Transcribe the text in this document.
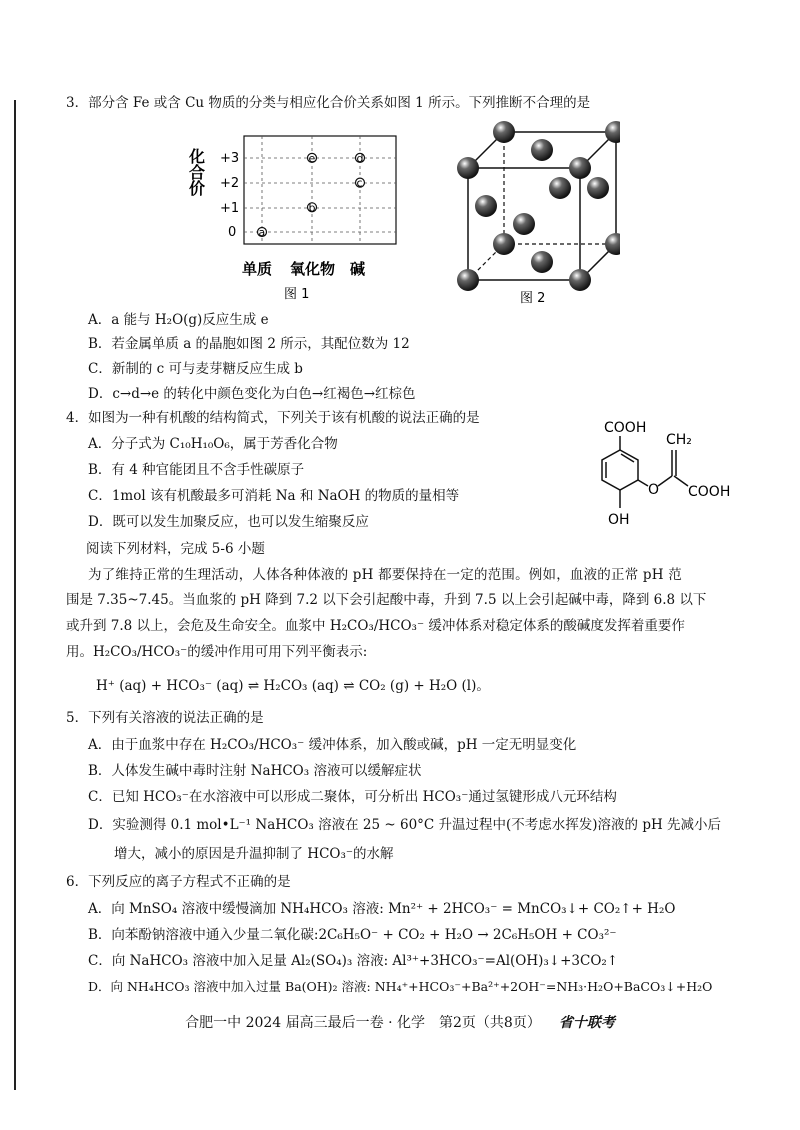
3．部分含 Fe 或含 Cu 物质的分类与相应化合价关系如图 1 所示。下列推断不合理的是
化合价 +3
+2
+1
0 a
b
e
c
d
单质 氧化物 碱
图 1	图 2
A．a 能与 H₂O(g)反应生成 e
B．若金属单质 a 的晶胞如图 2 所示，其配位数为 12
C．新制的 c 可与麦芽糖反应生成 b
D．c→d→e 的转化中颜色变化为白色→红褐色→红棕色
4．如图为一种有机酸的结构简式，下列关于该有机酸的说法正确的是
A．分子式为 C₁₀H₁₀O₆，属于芳香化合物
B．有 4 种官能团且不含手性碳原子
C．1mol 该有机酸最多可消耗 Na 和 NaOH 的物质的量相等
D．既可以发生加聚反应，也可以发生缩聚反应
COOH
CH₂
O COOH
OH
阅读下列材料，完成 5-6 小题
为了维持正常的生理活动，人体各种体液的 pH 都要保持在一定的范围。例如，血液的正常 pH 范
围是 7.35~7.45。当血浆的 pH 降到 7.2 以下会引起酸中毒，升到 7.5 以上会引起碱中毒，降到 6.8 以下
或升到 7.8 以上，会危及生命安全。血浆中 H₂CO₃/HCO₃⁻ 缓冲体系对稳定体系的酸碱度发挥着重要作
用。H₂CO₃/HCO₃⁻的缓冲作用可用下列平衡表示:
H⁺ (aq) + HCO₃⁻ (aq) ⇌ H₂CO₃ (aq) ⇌ CO₂ (g) + H₂O (l)。
5．下列有关溶液的说法正确的是
A．由于血浆中存在 H₂CO₃/HCO₃⁻ 缓冲体系，加入酸或碱，pH 一定无明显变化
B．人体发生碱中毒时注射 NaHCO₃ 溶液可以缓解症状
C．已知 HCO₃⁻在水溶液中可以形成二聚体，可分析出 HCO₃⁻通过氢键形成八元环结构
D．实验测得 0.1 mol•L⁻¹ NaHCO₃ 溶液在 25 ~ 60°C 升温过程中(不考虑水挥发)溶液的 pH 先减小后
增大，减小的原因是升温抑制了 HCO₃⁻的水解
6．下列反应的离子方程式不正确的是
A．向 MnSO₄ 溶液中缓慢滴加 NH₄HCO₃ 溶液: Mn²⁺ + 2HCO₃⁻ = MnCO₃↓+ CO₂↑+ H₂O
B．向苯酚钠溶液中通入少量二氧化碳:2C₆H₅O⁻ + CO₂ + H₂O → 2C₆H₅OH + CO₃²⁻
C．向 NaHCO₃ 溶液中加入足量 Al₂(SO₄)₃ 溶液: Al³⁺+3HCO₃⁻=Al(OH)₃↓+3CO₂↑
D．向 NH₄HCO₃ 溶液中加入过量 Ba(OH)₂ 溶液: NH₄⁺+HCO₃⁻+Ba²⁺+2OH⁻=NH₃·H₂O+BaCO₃↓+H₂O
合肥一中 2024 届高三最后一卷 · 化学　第2页（共8页） 省十联考
